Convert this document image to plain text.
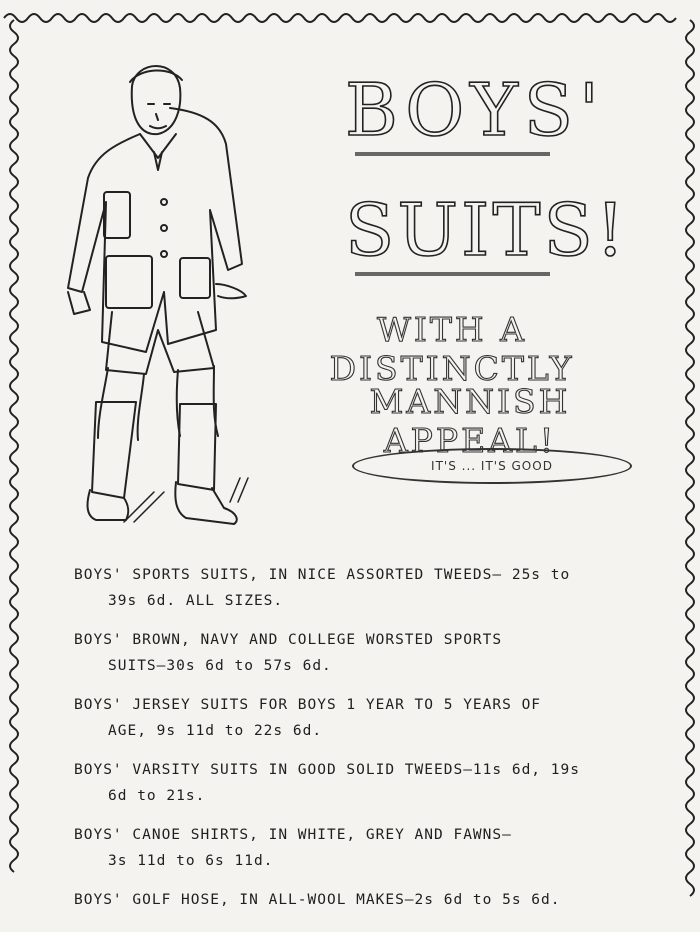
BOYS'
SUITS!
WITH A DISTINCTLY
MANNISH APPEAL!
IT'S ... IT'S GOOD
BOYS' SPORTS SUITS, IN NICE ASSORTED TWEEDS— 25s to
39s 6d. ALL SIZES.
BOYS' BROWN, NAVY AND COLLEGE WORSTED SPORTS
SUITS—30s 6d to 57s 6d.
BOYS' JERSEY SUITS FOR BOYS 1 YEAR TO 5 YEARS OF
AGE, 9s 11d to 22s 6d.
BOYS' VARSITY SUITS IN GOOD SOLID TWEEDS—11s 6d, 19s
6d to 21s.
BOYS' CANOE SHIRTS, IN WHITE, GREY AND FAWNS—
3s 11d to 6s 11d.
BOYS' GOLF HOSE, IN ALL-WOOL MAKES—2s 6d to 5s 6d.
